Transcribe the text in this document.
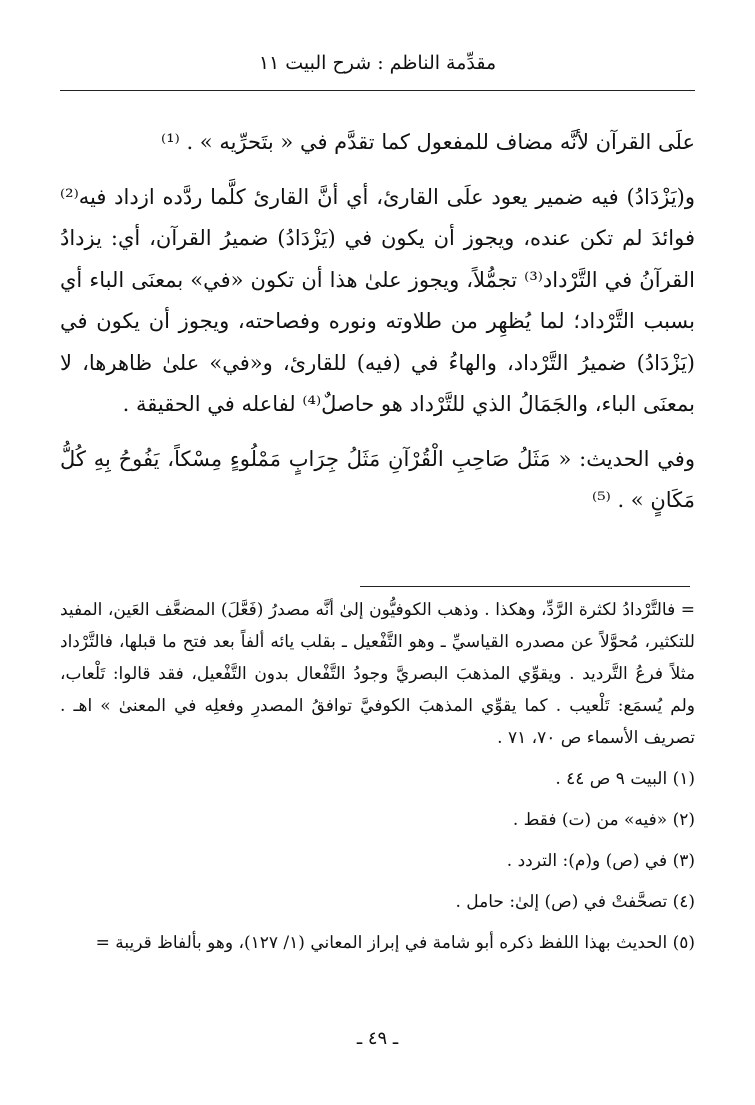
مقدِّمة الناظم : شرح البيت ١١

علَى القرآن لأنَّه مضاف للمفعول كما تقدَّم في « بتَحرِّيه » . ⁽¹⁾

و(يَزْدَادُ) فيه ضمير يعود علَى القارئ، أي أنَّ القارئ كلَّما ردَّده ازداد فيه⁽²⁾ فوائدَ لم تكن عنده، ويجوز أن يكون في (يَزْدَادُ) ضميرُ القرآن، أي: يزدادُ القرآنُ في التَّرْداد⁽³⁾ تجمُّلاً، ويجوز علىٰ هذا أن تكون «في» بمعنَى الباء أي بسبب التَّرْداد؛ لما يُظهِر من طلاوته ونوره وفصاحته، ويجوز أن يكون في (يَزْدَادُ) ضميرُ التَّرْداد، والهاءُ في (فيه) للقارئ، و«في» علىٰ ظاهرها، لا بمعنَى الباء، والجَمَالُ الذي للتَّرْداد هو حاصلٌ⁽⁴⁾ لفاعله في الحقيقة .

وفي الحديث: « مَثَلُ صَاحِبِ الْقُرْآنِ مَثَلُ جِرَابٍ مَمْلُوءٍ مِسْكاً، يَفُوحُ بِهِ كُلُّ مَكَانٍ » . ⁽⁵⁾

= فالتَّرْدادُ لكثرة الرَّدِّ، وهكذا . وذهب الكوفيُّون إلىٰ أنَّه مصدرُ (فَعَّلَ) المضعَّف العَين، المفيد للتكثير، مُحوَّلاً عن مصدره القياسيِّ ـ وهو التَّفْعيل ـ بقلب يائه ألفاً بعد فتح ما قبلها، فالتَّرْداد مثلاً فرعُ التَّرديد . ويقوِّي المذهبَ البصريَّ وجودُ التَّفْعال بدون التَّفْعيل، فقد قالوا: تَلْعاب، ولم يُسمَع: تَلْعيب . كما يقوِّي المذهبَ الكوفيَّ توافقُ المصدرِ وفعلِه في المعنىٰ » اهـ . تصريف الأسماء ص ٧٠، ٧١ .

(١) البيت ٩ ص ٤٤ .

(٢) «فيه» من (ت) فقط .

(٣) في (ص) و(م): التردد .

(٤) تصحَّفتْ في (ص) إلىٰ: حامل .

(٥) الحديث بهذا اللفظ ذكره أبو شامة في إبراز المعاني (١/ ١٢٧)، وهو بألفاظ قريبة =

ـ ٤٩ ـ
